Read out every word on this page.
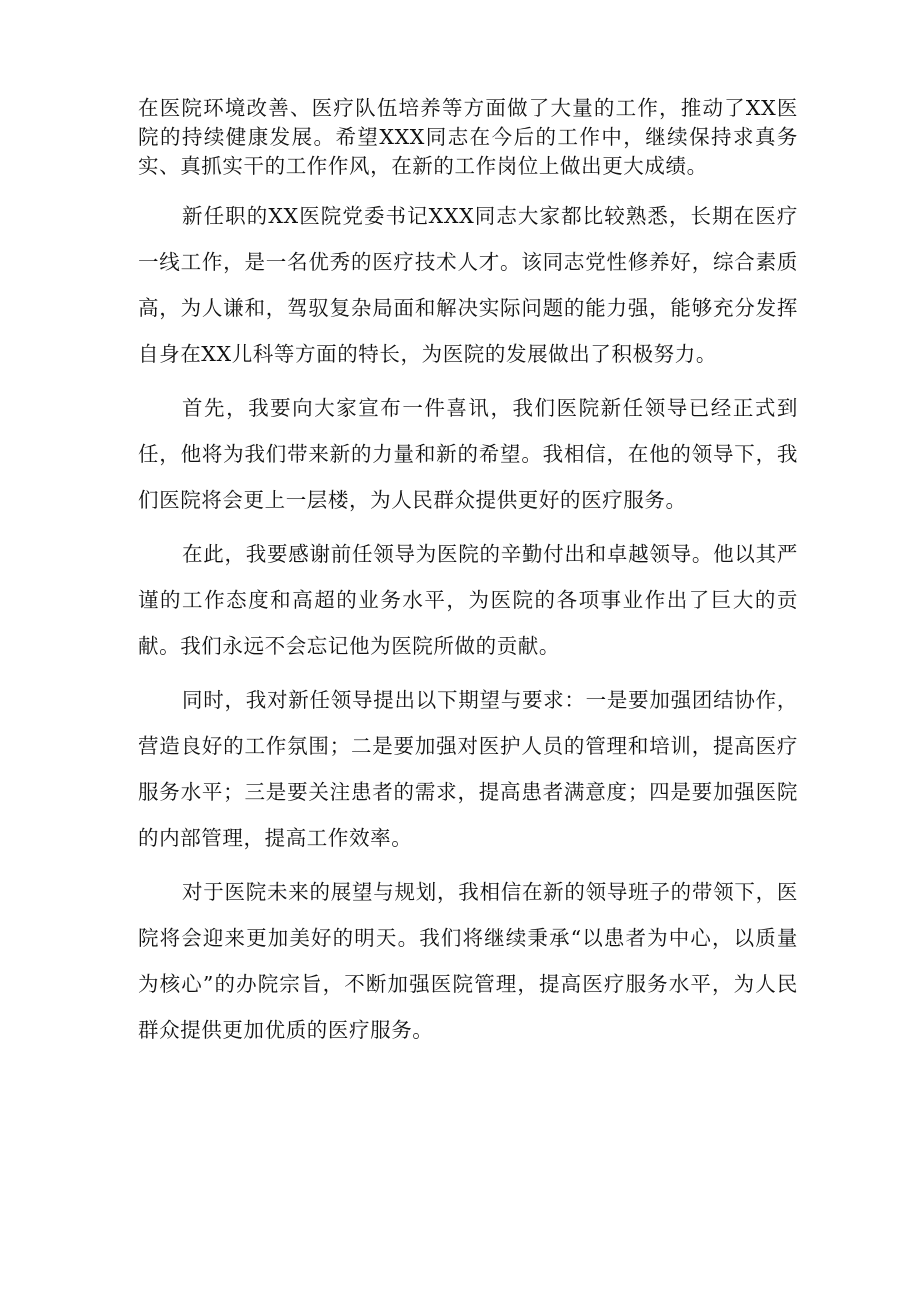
在医院环境改善、医疗队伍培养等方面做了大量的工作，推动了XX医院的持续健康发展。希望XXX同志在今后的工作中，继续保持求真务实、真抓实干的工作作风，在新的工作岗位上做出更大成绩。

新任职的XX医院党委书记XXX同志大家都比较熟悉，长期在医疗一线工作，是一名优秀的医疗技术人才。该同志党性修养好，综合素质高，为人谦和，驾驭复杂局面和解决实际问题的能力强，能够充分发挥自身在XX儿科等方面的特长，为医院的发展做出了积极努力。

首先，我要向大家宣布一件喜讯，我们医院新任领导已经正式到任，他将为我们带来新的力量和新的希望。我相信，在他的领导下，我们医院将会更上一层楼，为人民群众提供更好的医疗服务。

在此，我要感谢前任领导为医院的辛勤付出和卓越领导。他以其严谨的工作态度和高超的业务水平，为医院的各项事业作出了巨大的贡献。我们永远不会忘记他为医院所做的贡献。

同时，我对新任领导提出以下期望与要求：一是要加强团结协作，营造良好的工作氛围；二是要加强对医护人员的管理和培训，提高医疗服务水平；三是要关注患者的需求，提高患者满意度；四是要加强医院的内部管理，提高工作效率。

对于医院未来的展望与规划，我相信在新的领导班子的带领下，医院将会迎来更加美好的明天。我们将继续秉承“以患者为中心，以质量为核心”的办院宗旨，不断加强医院管理，提高医疗服务水平，为人民群众提供更加优质的医疗服务。
